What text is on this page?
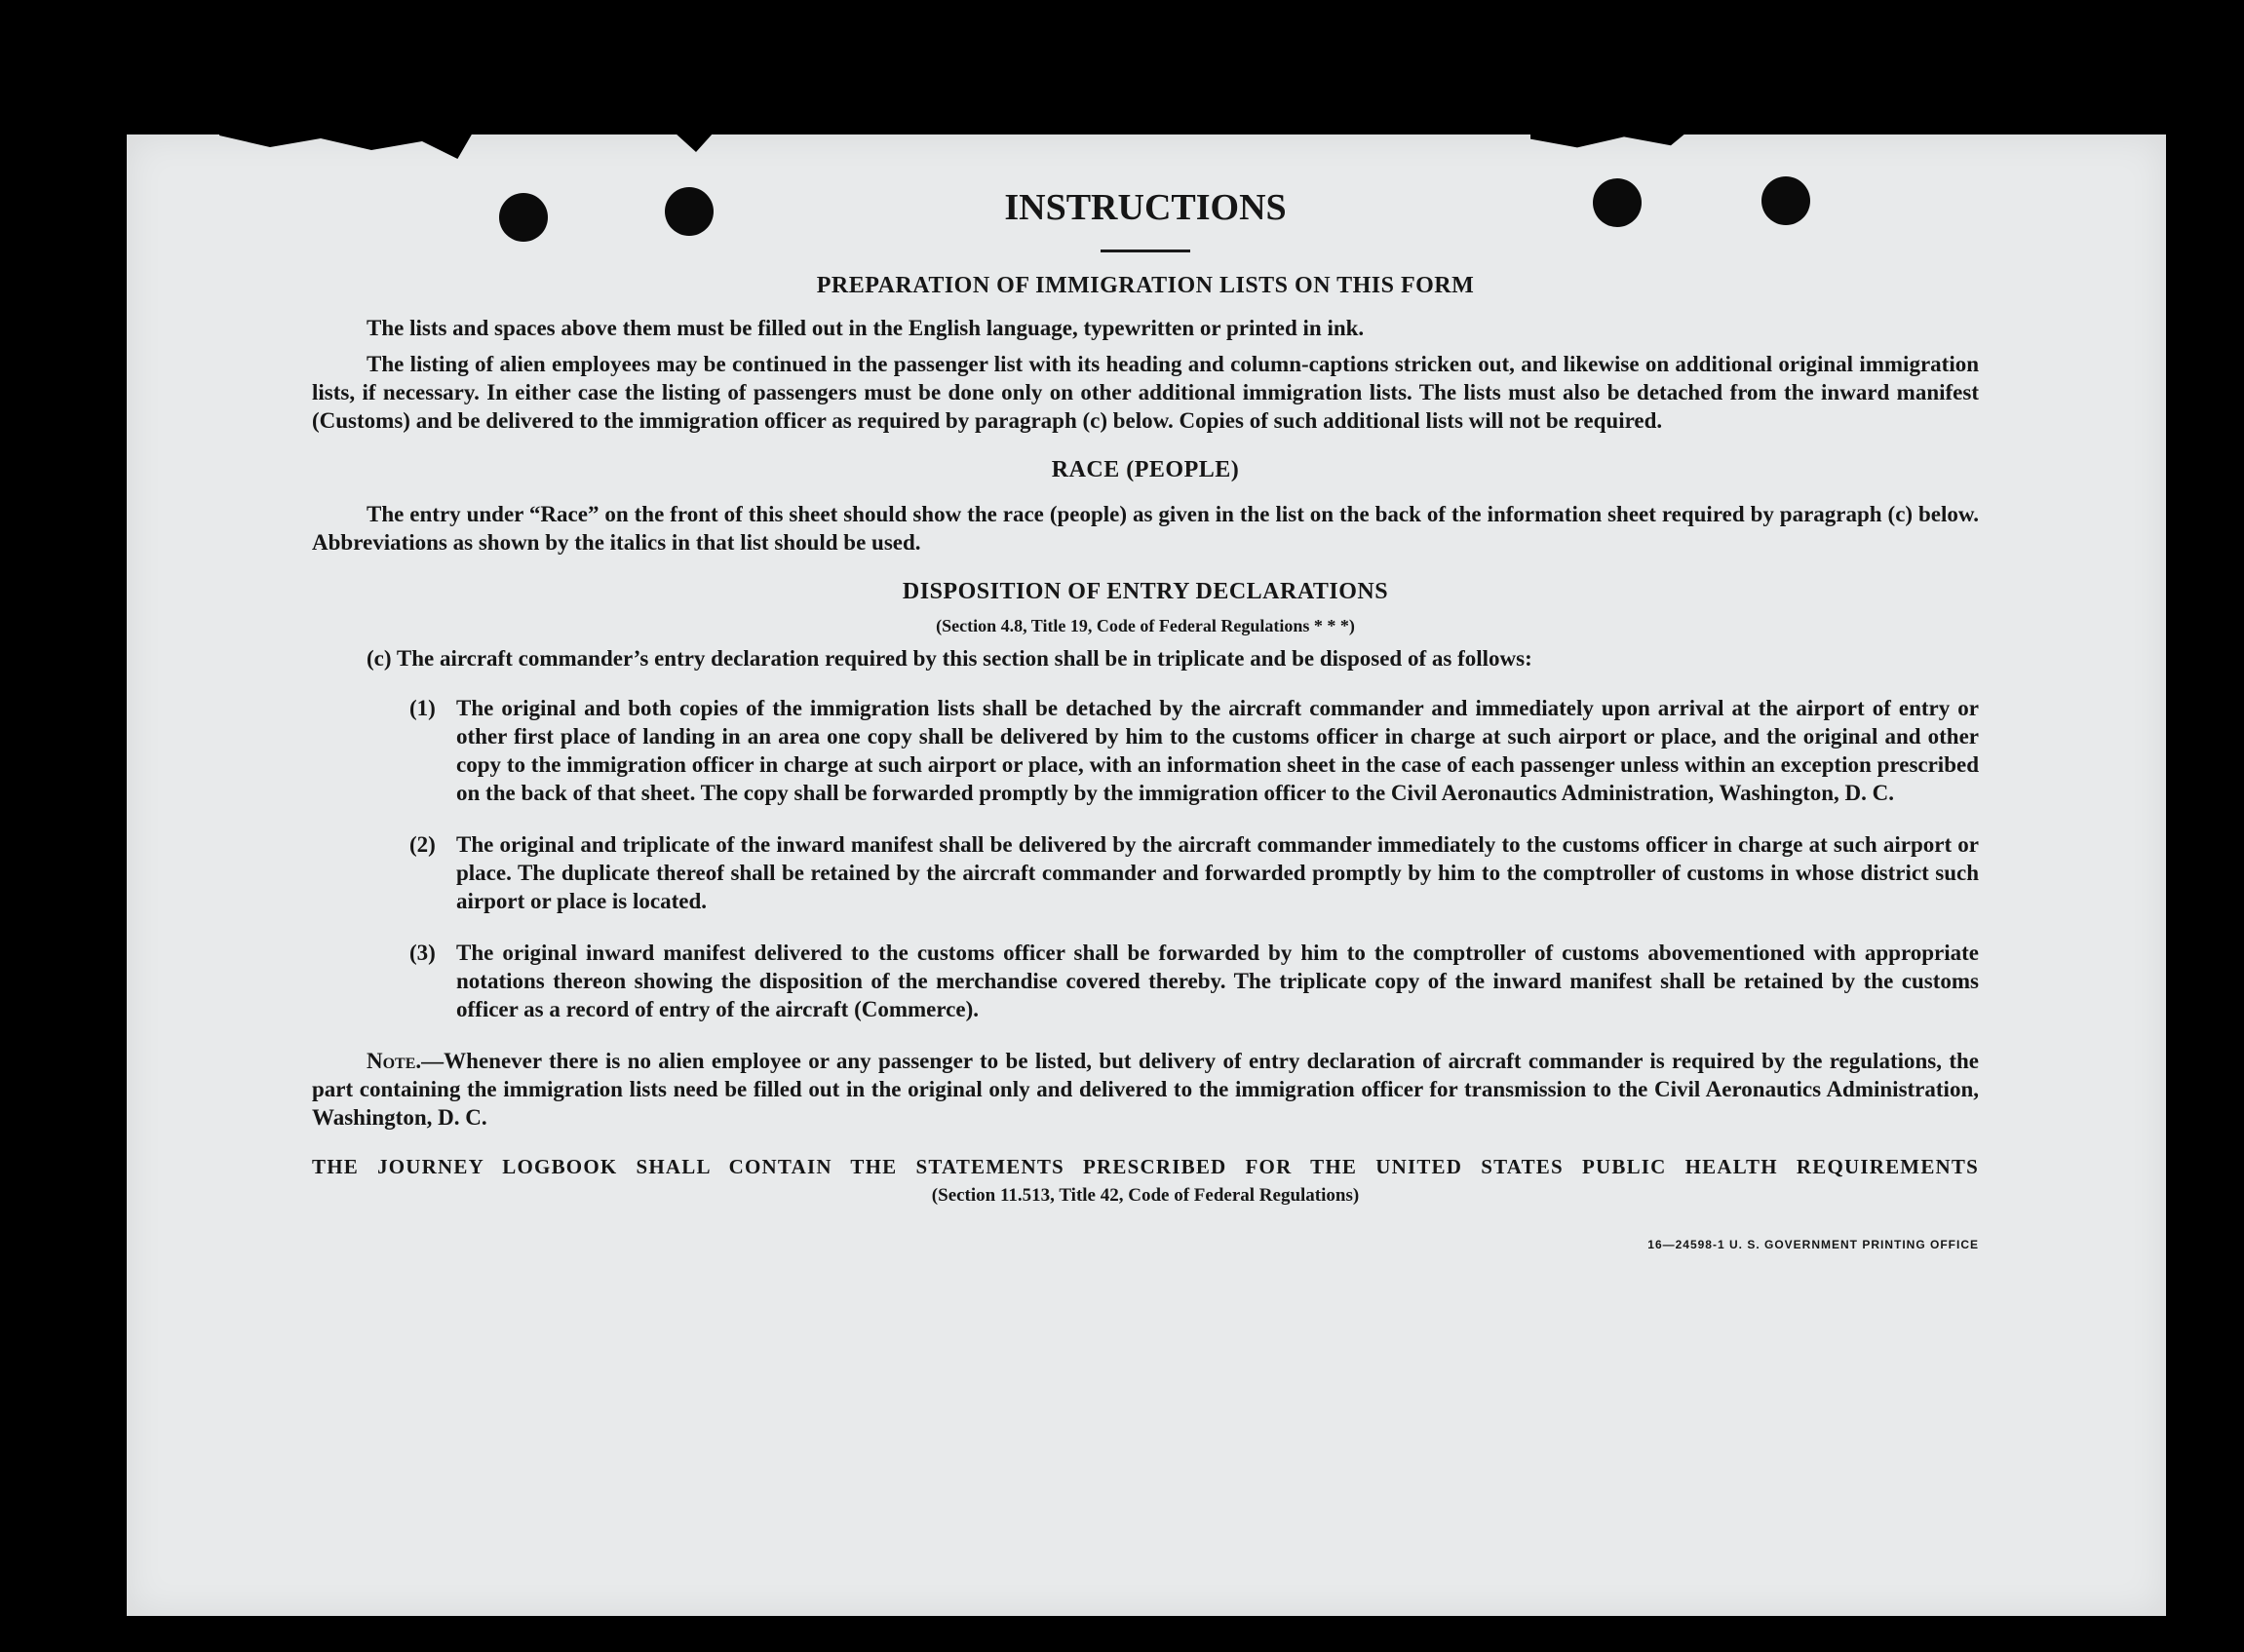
INSTRUCTIONS
PREPARATION OF IMMIGRATION LISTS ON THIS FORM

The lists and spaces above them must be filled out in the English language, typewritten or printed in ink.

The listing of alien employees may be continued in the passenger list with its heading and column-captions stricken out, and likewise on additional original immigration lists, if necessary. In either case the listing of passengers must be done only on other additional immigration lists. The lists must also be detached from the inward manifest (Customs) and be delivered to the immigration officer as required by paragraph (c) below. Copies of such additional lists will not be required.

RACE (PEOPLE)

The entry under “Race” on the front of this sheet should show the race (people) as given in the list on the back of the information sheet required by paragraph (c) below. Abbreviations as shown by the italics in that list should be used.

DISPOSITION OF ENTRY DECLARATIONS

(Section 4.8, Title 19, Code of Federal Regulations * * *)

(c) The aircraft commander’s entry declaration required by this section shall be in triplicate and be disposed of as follows:

(1) The original and both copies of the immigration lists shall be detached by the aircraft commander and immediately upon arrival at the airport of entry or other first place of landing in an area one copy shall be delivered by him to the customs officer in charge at such airport or place, and the original and other copy to the immigration officer in charge at such airport or place, with an information sheet in the case of each passenger unless within an exception prescribed on the back of that sheet. The copy shall be forwarded promptly by the immigration officer to the Civil Aeronautics Administration, Washington, D. C.
(2) The original and triplicate of the inward manifest shall be delivered by the aircraft commander immediately to the customs officer in charge at such airport or place. The duplicate thereof shall be retained by the aircraft commander and forwarded promptly by him to the comptroller of customs in whose district such airport or place is located.
(3) The original inward manifest delivered to the customs officer shall be forwarded by him to the comptroller of customs abovementioned with appropriate notations thereon showing the disposition of the merchandise covered thereby. The triplicate copy of the inward manifest shall be retained by the customs officer as a record of entry of the aircraft (Commerce).

Note.—Whenever there is no alien employee or any passenger to be listed, but delivery of entry declaration of aircraft commander is required by the regulations, the part containing the immigration lists need be filled out in the original only and delivered to the immigration officer for transmission to the Civil Aeronautics Administration, Washington, D. C.

THE JOURNEY LOGBOOK SHALL CONTAIN THE STATEMENTS PRESCRIBED FOR THE UNITED STATES PUBLIC HEALTH REQUIREMENTS

(Section 11.513, Title 42, Code of Federal Regulations)

16—24598-1 U. S. GOVERNMENT PRINTING OFFICE
